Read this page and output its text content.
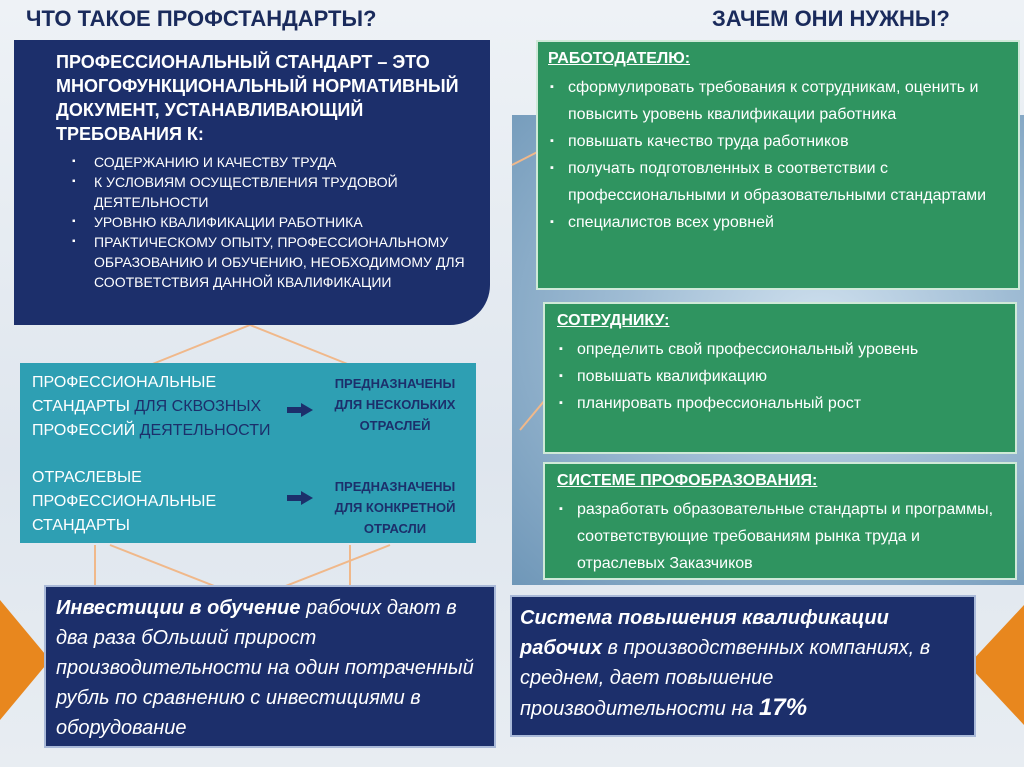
ЧТО ТАКОЕ ПРОФСТАНДАРТЫ?	ЗАЧЕМ ОНИ НУЖНЫ?
ПРОФЕССИОНАЛЬНЫЙ СТАНДАРТ – ЭТО МНОГОФУНКЦИОНАЛЬНЫЙ НОРМАТИВНЫЙ ДОКУМЕНТ, УСТАНАВЛИВАЮЩИЙ ТРЕБОВАНИЯ К:
▪ СОДЕРЖАНИЮ И КАЧЕСТВУ ТРУДА
▪ К УСЛОВИЯМ ОСУЩЕСТВЛЕНИЯ ТРУДОВОЙ ДЕЯТЕЛЬНОСТИ
▪ УРОВНЮ КВАЛИФИКАЦИИ РАБОТНИКА
▪ ПРАКТИЧЕСКОМУ ОПЫТУ, ПРОФЕССИОНАЛЬНОМУ ОБРАЗОВАНИЮ И ОБУЧЕНИЮ, НЕОБХОДИМОМУ ДЛЯ СООТВЕТСТВИЯ ДАННОЙ КВАЛИФИКАЦИИ
ПРОФЕССИОНАЛЬНЫЕ
СТАНДАРТЫ ДЛЯ СКВОЗНЫХ
ПРОФЕССИЙ ДЕЯТЕЛЬНОСТИ
ПРЕДНАЗНАЧЕНЫ ДЛЯ НЕСКОЛЬКИХ ОТРАСЛЕЙ
ОТРАСЛЕВЫЕ ПРОФЕССИОНАЛЬНЫЕ СТАНДАРТЫ
ПРЕДНАЗНАЧЕНЫ ДЛЯ КОНКРЕТНОЙ ОТРАСЛИ
РАБОТОДАТЕЛЮ:
▪ сформулировать требования к сотрудникам, оценить и повысить уровень квалификации работника
▪ повышать качество труда работников
▪ получать подготовленных в соответствии с профессиональными и образовательными стандартами
▪ специалистов всех уровней
СОТРУДНИКУ:
▪ определить свой профессиональный уровень
▪ повышать квалификацию
▪ планировать профессиональный рост
СИСТЕМЕ ПРОФОБРАЗОВАНИЯ:
▪ разработать образовательные стандарты и программы, соответствующие требованиям рынка труда и отраслевых Заказчиков
Инвестиции в обучение рабочих дают в два раза бОльший прирост производительности на один потраченный рубль по сравнению с инвестициями в оборудование
Система повышения квалификации рабочих в производственных компаниях, в среднем, дает повышение производительности на 17%
